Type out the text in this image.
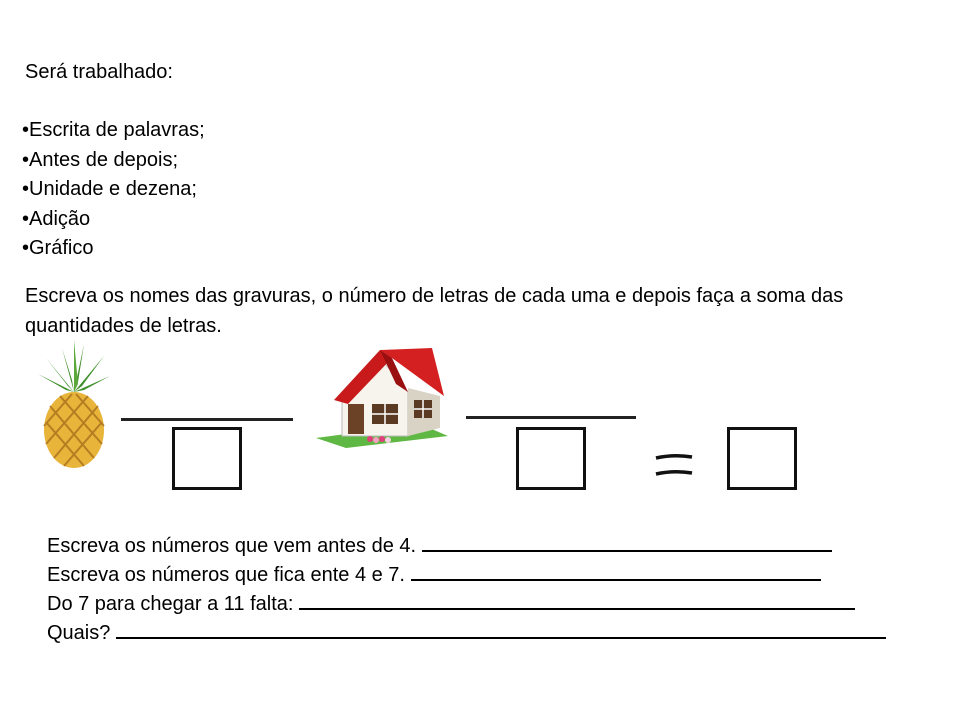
Será trabalhado:
•Escrita de palavras;
•Antes de depois;
•Unidade e dezena;
•Adição
•Gráfico

Escreva os nomes das gravuras, o número de letras de cada uma e depois faça a soma das quantidades de letras.

Escreva os números que vem antes de 4.
Escreva os números que fica ente 4 e 7.
Do 7 para chegar a 11 falta:
Quais?
